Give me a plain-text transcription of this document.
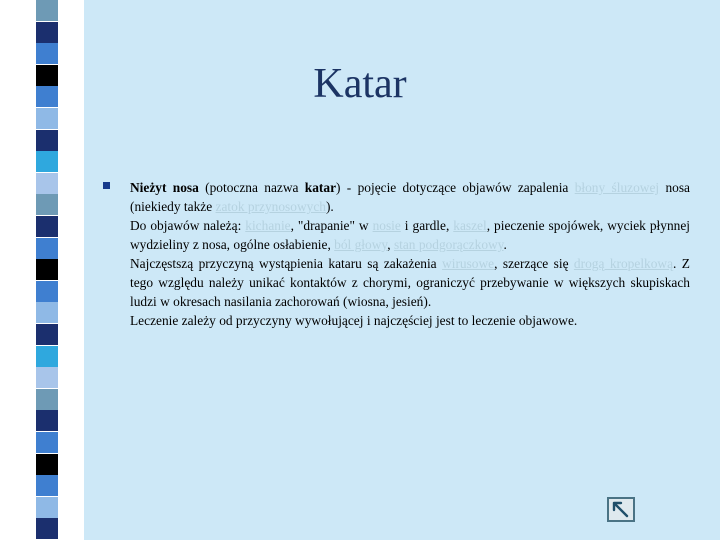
Katar

Nieżyt nosa (potoczna nazwa katar) - pojęcie dotyczące objawów zapalenia błony śluzowej nosa (niekiedy także zatok przynosowych).

Do objawów należą: kichanie, "drapanie" w nosie i gardle, kaszel, pieczenie spojówek, wyciek płynnej wydzieliny z nosa, ogólne osłabienie, ból głowy, stan podgorączkowy.

Najczęstszą przyczyną wystąpienia kataru są zakażenia wirusowe, szerzące się drogą kropelkową. Z tego względu należy unikać kontaktów z chorymi, ograniczyć przebywanie w większych skupiskach ludzi w okresach nasilania zachorowań (wiosna, jesień).

Leczenie zależy od przyczyny wywołującej i najczęściej jest to leczenie objawowe.
